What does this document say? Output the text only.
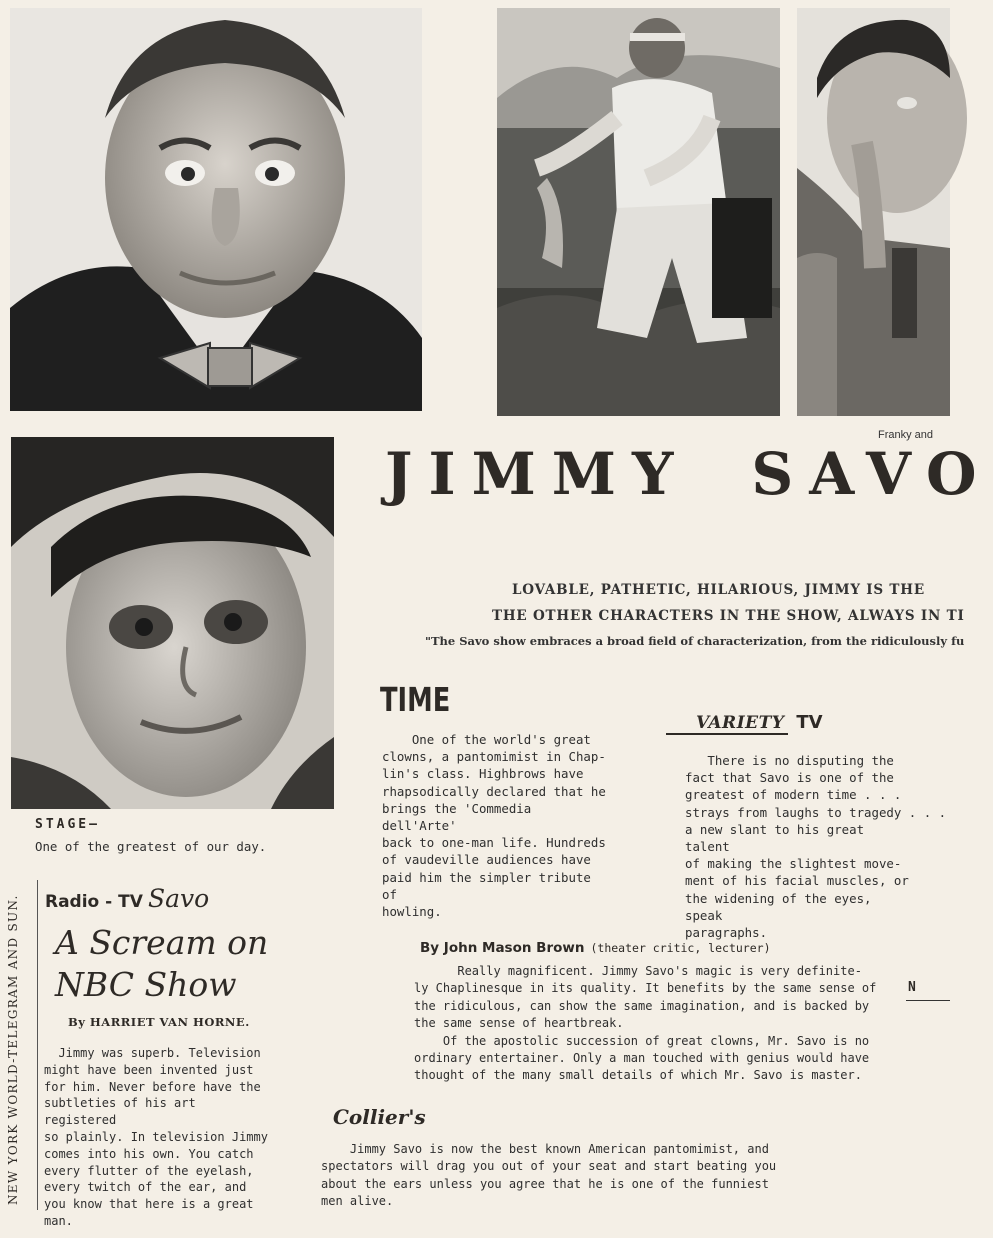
Franky and
JIMMY SAVO
LOVABLE, PATHETIC, HILARIOUS, JIMMY IS THE
THE OTHER CHARACTERS IN THE SHOW, ALWAYS IN TI
"The Savo show embraces a broad field of characterization, from the ridiculously fu
TIME

One of the world's great

clowns, a pantomimist in Chap-

lin's class. Highbrows have

rhapsodically declared that he

brings the 'Commedia dell'Arte'

back to one-man life. Hundreds

of vaudeville audiences have

paid him the simpler tribute of

howling.

VARIETY TV
There is no disputing the
fact that Savo is one of the
greatest of modern time . . .
strays from laughs to tragedy . . .
a new slant to his great talent
of making the slightest move-
ment of his facial muscles, or
the widening of the eyes, speak
paragraphs.
STAGE—
One of the greatest of our day.
NEW YORK WORLD-TELEGRAM AND SUN. Radio - TV Savo
A Scream on
NBC Show
By HARRIET VAN HORNE.
Jimmy was superb. Television
might have been invented just
for him. Never before have the
subtleties of his art registered
so plainly. In television Jimmy
comes into his own. You catch
every flutter of the eyelash,
every twitch of the ear, and
you know that here is a great
man.
By John Mason Brown (theater critic, lecturer)
Really magnificent. Jimmy Savo's magic is very definite-
ly Chaplinesque in its quality. It benefits by the same sense of
the ridiculous, can show the same imagination, and is backed by
the same sense of heartbreak.
Of the apostolic succession of great clowns, Mr. Savo is no
ordinary entertainer. Only a man touched with genius would have
thought of the many small details of which Mr. Savo is master.
N
Collier's
Jimmy Savo is now the best known American pantomimist, and
spectators will drag you out of your seat and start beating you
about the ears unless you agree that he is one of the funniest
men alive.
